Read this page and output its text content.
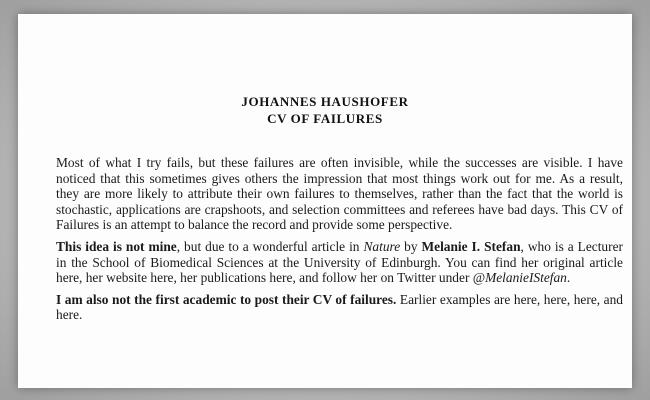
JOHANNES HAUSHOFER
CV OF FAILURES

Most of what I try fails, but these failures are often invisible, while the successes are visible. I have noticed that this sometimes gives others the impression that most things work out for me. As a result, they are more likely to attribute their own failures to themselves, rather than the fact that the world is stochastic, applications are crapshoots, and selection committees and referees have bad days. This CV of Failures is an attempt to balance the record and provide some perspective.

This idea is not mine, but due to a wonderful article in Nature by Melanie I. Stefan, who is a Lecturer in the School of Biomedical Sciences at the University of Edinburgh. You can find her original article here, her website here, her publications here, and follow her on Twitter under @MelanieIStefan.

I am also not the first academic to post their CV of failures. Earlier examples are here, here, here, and here.
